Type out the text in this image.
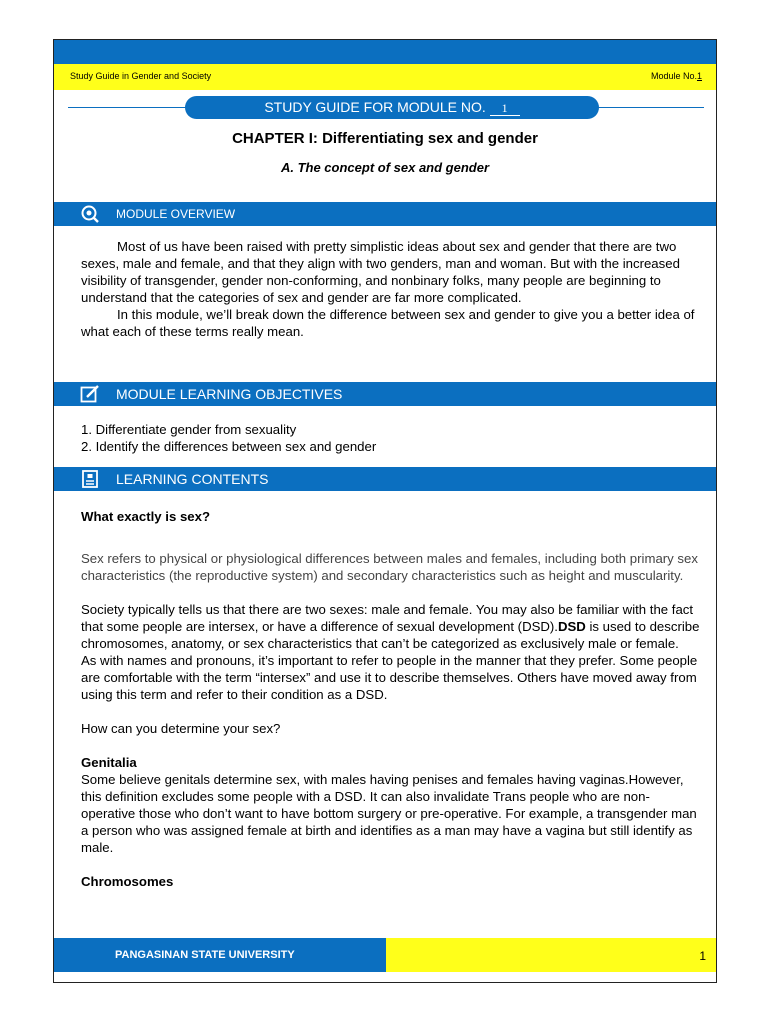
Study Guide in Gender and Society	Module No.1
STUDY GUIDE FOR MODULE NO. 1
CHAPTER I: Differentiating sex and gender
A. The concept of sex and gender
MODULE OVERVIEW

Most of us have been raised with pretty simplistic ideas about sex and gender that there are two sexes, male and female, and that they align with two genders, man and woman. But with the increased visibility of transgender, gender non-conforming, and nonbinary folks, many people are beginning to understand that the categories of sex and gender are far more complicated.

In this module, we’ll break down the difference between sex and gender to give you a better idea of what each of these terms really mean.

MODULE LEARNING OBJECTIVES

1. Differentiate gender from sexuality

2. Identify the differences between sex and gender

LEARNING CONTENTS

What exactly is sex?

Sex refers to physical or physiological differences between males and females, including both primary sex characteristics (the reproductive system) and secondary characteristics such as height and muscularity.

Society typically tells us that there are two sexes: male and female. You may also be familiar with the fact that some people are intersex, or have a difference of sexual development (DSD).DSD is used to describe chromosomes, anatomy, or sex characteristics that can’t be categorized as exclusively male or female.

As with names and pronouns, it’s important to refer to people in the manner that they prefer. Some people are comfortable with the term “intersex” and use it to describe themselves. Others have moved away from using this term and refer to their condition as a DSD.

How can you determine your sex?

Genitalia

Some believe genitals determine sex, with males having penises and females having vaginas.However, this definition excludes some people with a DSD. It can also invalidate Trans people who are non-operative those who don’t want to have bottom surgery or pre-operative. For example, a transgender man a person who was assigned female at birth and identifies as a man may have a vagina but still identify as male.

Chromosomes

PANGASINAN STATE UNIVERSITY	1
